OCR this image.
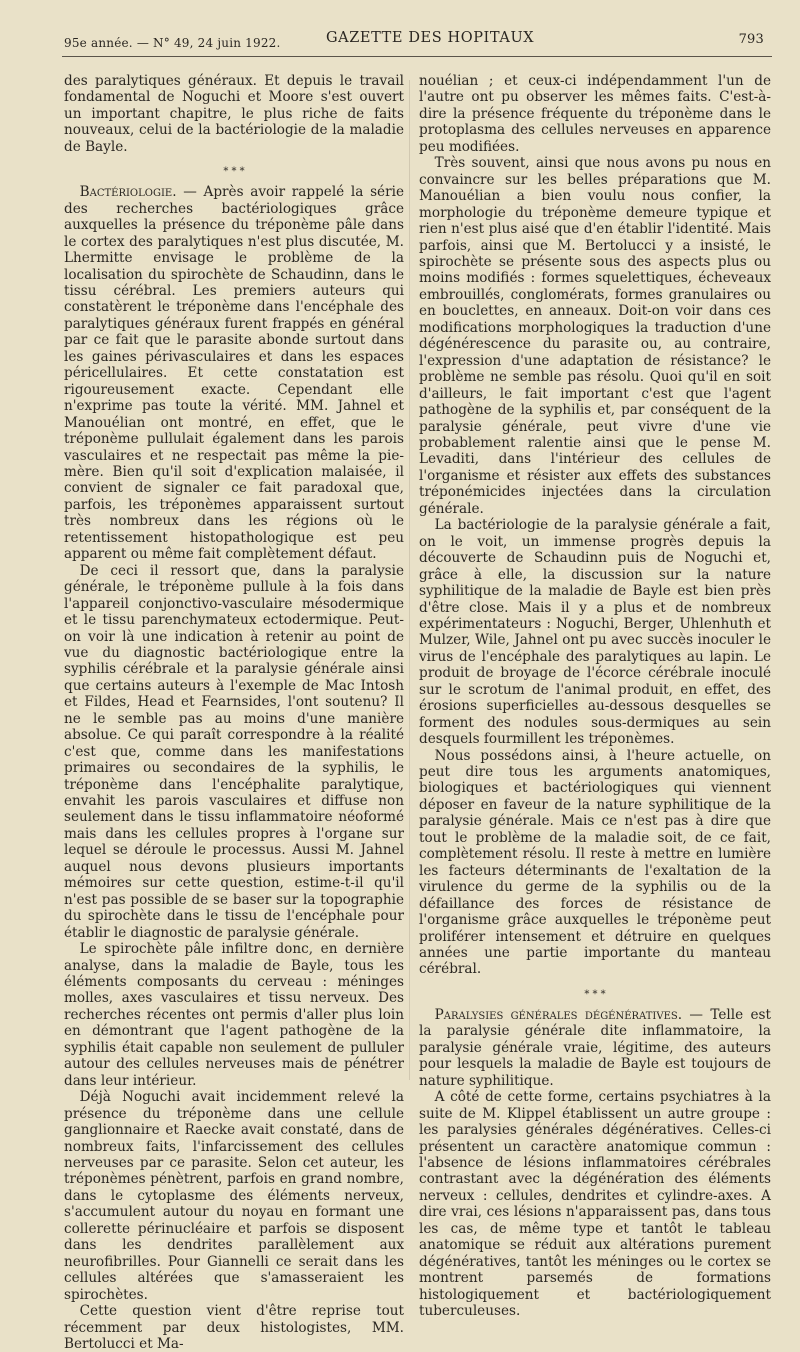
95e année. — N° 49, 24 juin 1922.	GAZETTE DES HOPITAUX	793

des paralytiques généraux. Et depuis le travail fondamental de Noguchi et Moore s'est ouvert un important chapitre, le plus riche de faits nouveaux, celui de la bactériologie de la maladie de Bayle.

* * *

Bactériologie. — Après avoir rappelé la série des recherches bactériologiques grâce auxquelles la présence du tréponème pâle dans le cortex des paralytiques n'est plus discutée, M. Lhermitte envisage le problème de la localisation du spirochète de Schaudinn, dans le tissu cérébral. Les premiers auteurs qui constatèrent le tréponème dans l'encéphale des paralytiques généraux furent frappés en général par ce fait que le parasite abonde surtout dans les gaines périvasculaires et dans les espaces péricellulaires. Et cette constatation est rigoureusement exacte. Cependant elle n'exprime pas toute la vérité. MM. Jahnel et Manouélian ont montré, en effet, que le tréponème pullulait également dans les parois vasculaires et ne respectait pas même la pie-mère. Bien qu'il soit d'explication malaisée, il convient de signaler ce fait paradoxal que, parfois, les tréponèmes apparaissent surtout très nombreux dans les régions où le retentissement histopathologique est peu apparent ou même fait complètement défaut.

De ceci il ressort que, dans la paralysie générale, le tréponème pullule à la fois dans l'appareil conjonctivo-vasculaire mésodermique et le tissu parenchymateux ectodermique. Peut-on voir là une indication à retenir au point de vue du diagnostic bactériologique entre la syphilis cérébrale et la paralysie générale ainsi que certains auteurs à l'exemple de Mac Intosh et Fildes, Head et Fearnsides, l'ont soutenu? Il ne le semble pas au moins d'une manière absolue. Ce qui paraît correspondre à la réalité c'est que, comme dans les manifestations primaires ou secondaires de la syphilis, le tréponème dans l'encéphalite paralytique, envahit les parois vasculaires et diffuse non seulement dans le tissu inflammatoire néoformé mais dans les cellules propres à l'organe sur lequel se déroule le processus. Aussi M. Jahnel auquel nous devons plusieurs importants mémoires sur cette question, estime-t-il qu'il n'est pas possible de se baser sur la topographie du spirochète dans le tissu de l'encéphale pour établir le diagnostic de paralysie générale.

Le spirochète pâle infiltre donc, en dernière analyse, dans la maladie de Bayle, tous les éléments composants du cerveau : méninges molles, axes vasculaires et tissu nerveux. Des recherches récentes ont permis d'aller plus loin en démontrant que l'agent pathogène de la syphilis était capable non seulement de pulluler autour des cellules nerveuses mais de pénétrer dans leur intérieur.

Déjà Noguchi avait incidemment relevé la présence du tréponème dans une cellule ganglionnaire et Raecke avait constaté, dans de nombreux faits, l'infarcissement des cellules nerveuses par ce parasite. Selon cet auteur, les tréponèmes pénètrent, parfois en grand nombre, dans le cytoplasme des éléments nerveux, s'accumulent autour du noyau en formant une collerette périnucléaire et parfois se disposent dans les dendrites parallèlement aux neurofibrilles. Pour Giannelli ce serait dans les cellules altérées que s'amasseraient les spirochètes.

Cette question vient d'être reprise tout récemment par deux histologistes, MM. Bertolucci et Ma-

nouélian ; et ceux-ci indépendamment l'un de l'autre ont pu observer les mêmes faits. C'est-à-dire la présence fréquente du tréponème dans le protoplasma des cellules nerveuses en apparence peu modifiées.

Très souvent, ainsi que nous avons pu nous en convaincre sur les belles préparations que M. Manouélian a bien voulu nous confier, la morphologie du tréponème demeure typique et rien n'est plus aisé que d'en établir l'identité. Mais parfois, ainsi que M. Bertolucci y a insisté, le spirochète se présente sous des aspects plus ou moins modifiés : formes squelettiques, écheveaux embrouillés, conglomérats, formes granulaires ou en bouclettes, en anneaux. Doit-on voir dans ces modifications morphologiques la traduction d'une dégénérescence du parasite ou, au contraire, l'expression d'une adaptation de résistance? le problème ne semble pas résolu. Quoi qu'il en soit d'ailleurs, le fait important c'est que l'agent pathogène de la syphilis et, par conséquent de la paralysie générale, peut vivre d'une vie probablement ralentie ainsi que le pense M. Levaditi, dans l'intérieur des cellules de l'organisme et résister aux effets des substances tréponémicides injectées dans la circulation générale.

La bactériologie de la paralysie générale a fait, on le voit, un immense progrès depuis la découverte de Schaudinn puis de Noguchi et, grâce à elle, la discussion sur la nature syphilitique de la maladie de Bayle est bien près d'être close. Mais il y a plus et de nombreux expérimentateurs : Noguchi, Berger, Uhlenhuth et Mulzer, Wile, Jahnel ont pu avec succès inoculer le virus de l'encéphale des paralytiques au lapin. Le produit de broyage de l'écorce cérébrale inoculé sur le scrotum de l'animal produit, en effet, des érosions superficielles au-dessous desquelles se forment des nodules sous-dermiques au sein desquels fourmillent les tréponèmes.

Nous possédons ainsi, à l'heure actuelle, on peut dire tous les arguments anatomiques, biologiques et bactériologiques qui viennent déposer en faveur de la nature syphilitique de la paralysie générale. Mais ce n'est pas à dire que tout le problème de la maladie soit, de ce fait, complètement résolu. Il reste à mettre en lumière les facteurs déterminants de l'exaltation de la virulence du germe de la syphilis ou de la défaillance des forces de résistance de l'organisme grâce auxquelles le tréponème peut proliférer intensement et détruire en quelques années une partie importante du manteau cérébral.

* * *

Paralysies générales dégénératives. — Telle est la paralysie générale dite inflammatoire, la paralysie générale vraie, légitime, des auteurs pour lesquels la maladie de Bayle est toujours de nature syphilitique.

A côté de cette forme, certains psychiatres à la suite de M. Klippel établissent un autre groupe : les paralysies générales dégénératives. Celles-ci présentent un caractère anatomique commun : l'absence de lésions inflammatoires cérébrales contrastant avec la dégénération des éléments nerveux : cellules, dendrites et cylindre-axes. A dire vrai, ces lésions n'apparaissent pas, dans tous les cas, de même type et tantôt le tableau anatomique se réduit aux altérations purement dégénératives, tantôt les méninges ou le cortex se montrent parsemés de formations histologiquement et bactériologiquement tuberculeuses.
